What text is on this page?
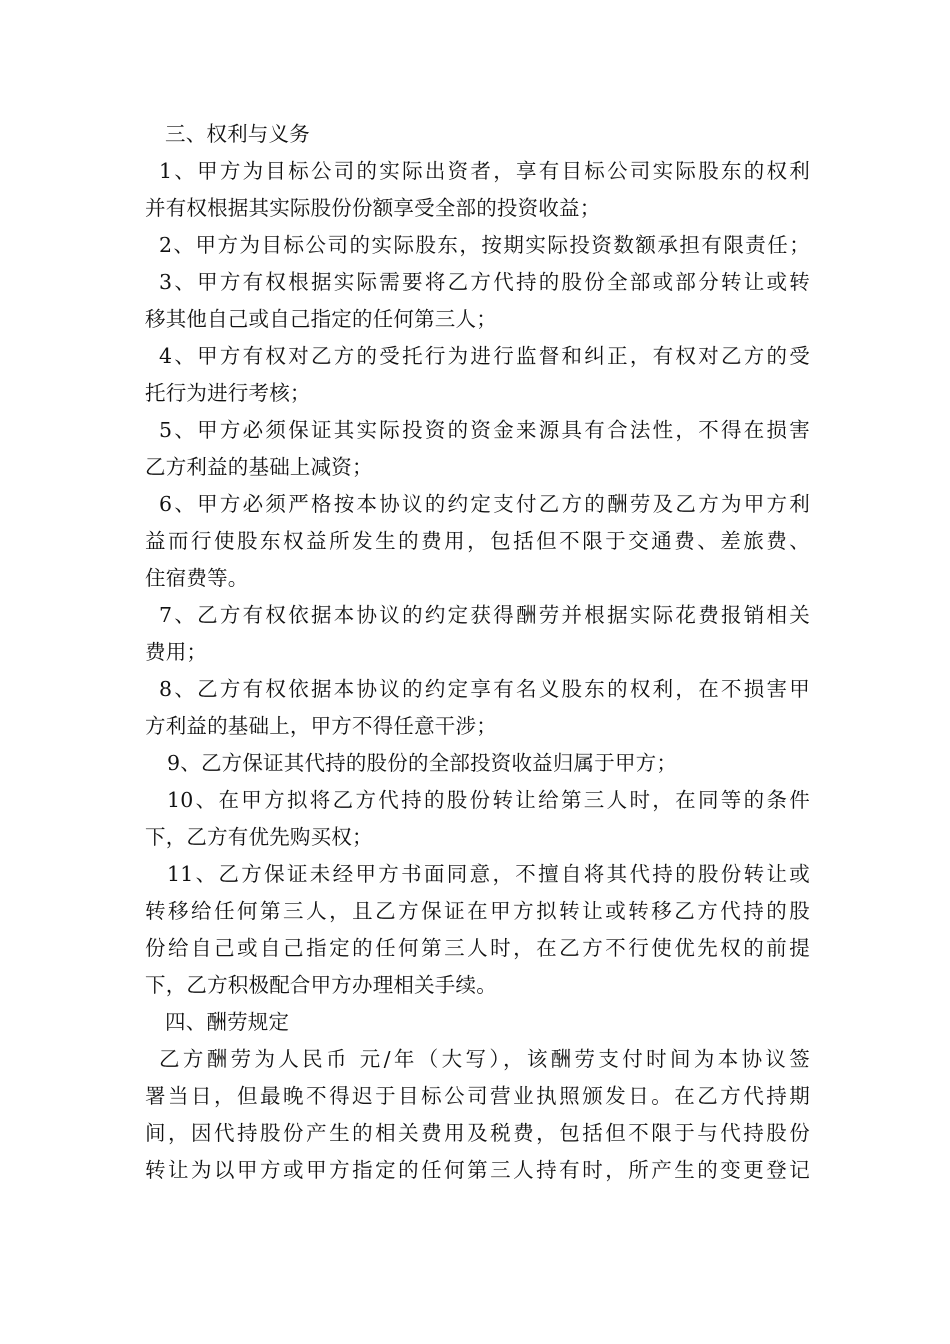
三、权利与义务
1、甲方为目标公司的实际出资者，享有目标公司实际股东的权利
并有权根据其实际股份份额享受全部的投资收益；
2、甲方为目标公司的实际股东，按期实际投资数额承担有限责任；
3、甲方有权根据实际需要将乙方代持的股份全部或部分转让或转
移其他自己或自己指定的任何第三人；
4、甲方有权对乙方的受托行为进行监督和纠正，有权对乙方的受
托行为进行考核；
5、甲方必须保证其实际投资的资金来源具有合法性，不得在损害
乙方利益的基础上减资；
6、甲方必须严格按本协议的约定支付乙方的酬劳及乙方为甲方利
益而行使股东权益所发生的费用，包括但不限于交通费、差旅费、
住宿费等。
7、乙方有权依据本协议的约定获得酬劳并根据实际花费报销相关
费用；
8、乙方有权依据本协议的约定享有名义股东的权利，在不损害甲
方利益的基础上，甲方不得任意干涉；
9、乙方保证其代持的股份的全部投资收益归属于甲方；
10、在甲方拟将乙方代持的股份转让给第三人时，在同等的条件
下，乙方有优先购买权；
11、乙方保证未经甲方书面同意，不擅自将其代持的股份转让或
转移给任何第三人，且乙方保证在甲方拟转让或转移乙方代持的股
份给自己或自己指定的任何第三人时，在乙方不行使优先权的前提
下，乙方积极配合甲方办理相关手续。
四、酬劳规定
乙方酬劳为人民币 元/年（大写），该酬劳支付时间为本协议签
署当日，但最晚不得迟于目标公司营业执照颁发日。在乙方代持期
间，因代持股份产生的相关费用及税费，包括但不限于与代持股份
转让为以甲方或甲方指定的任何第三人持有时，所产生的变更登记
